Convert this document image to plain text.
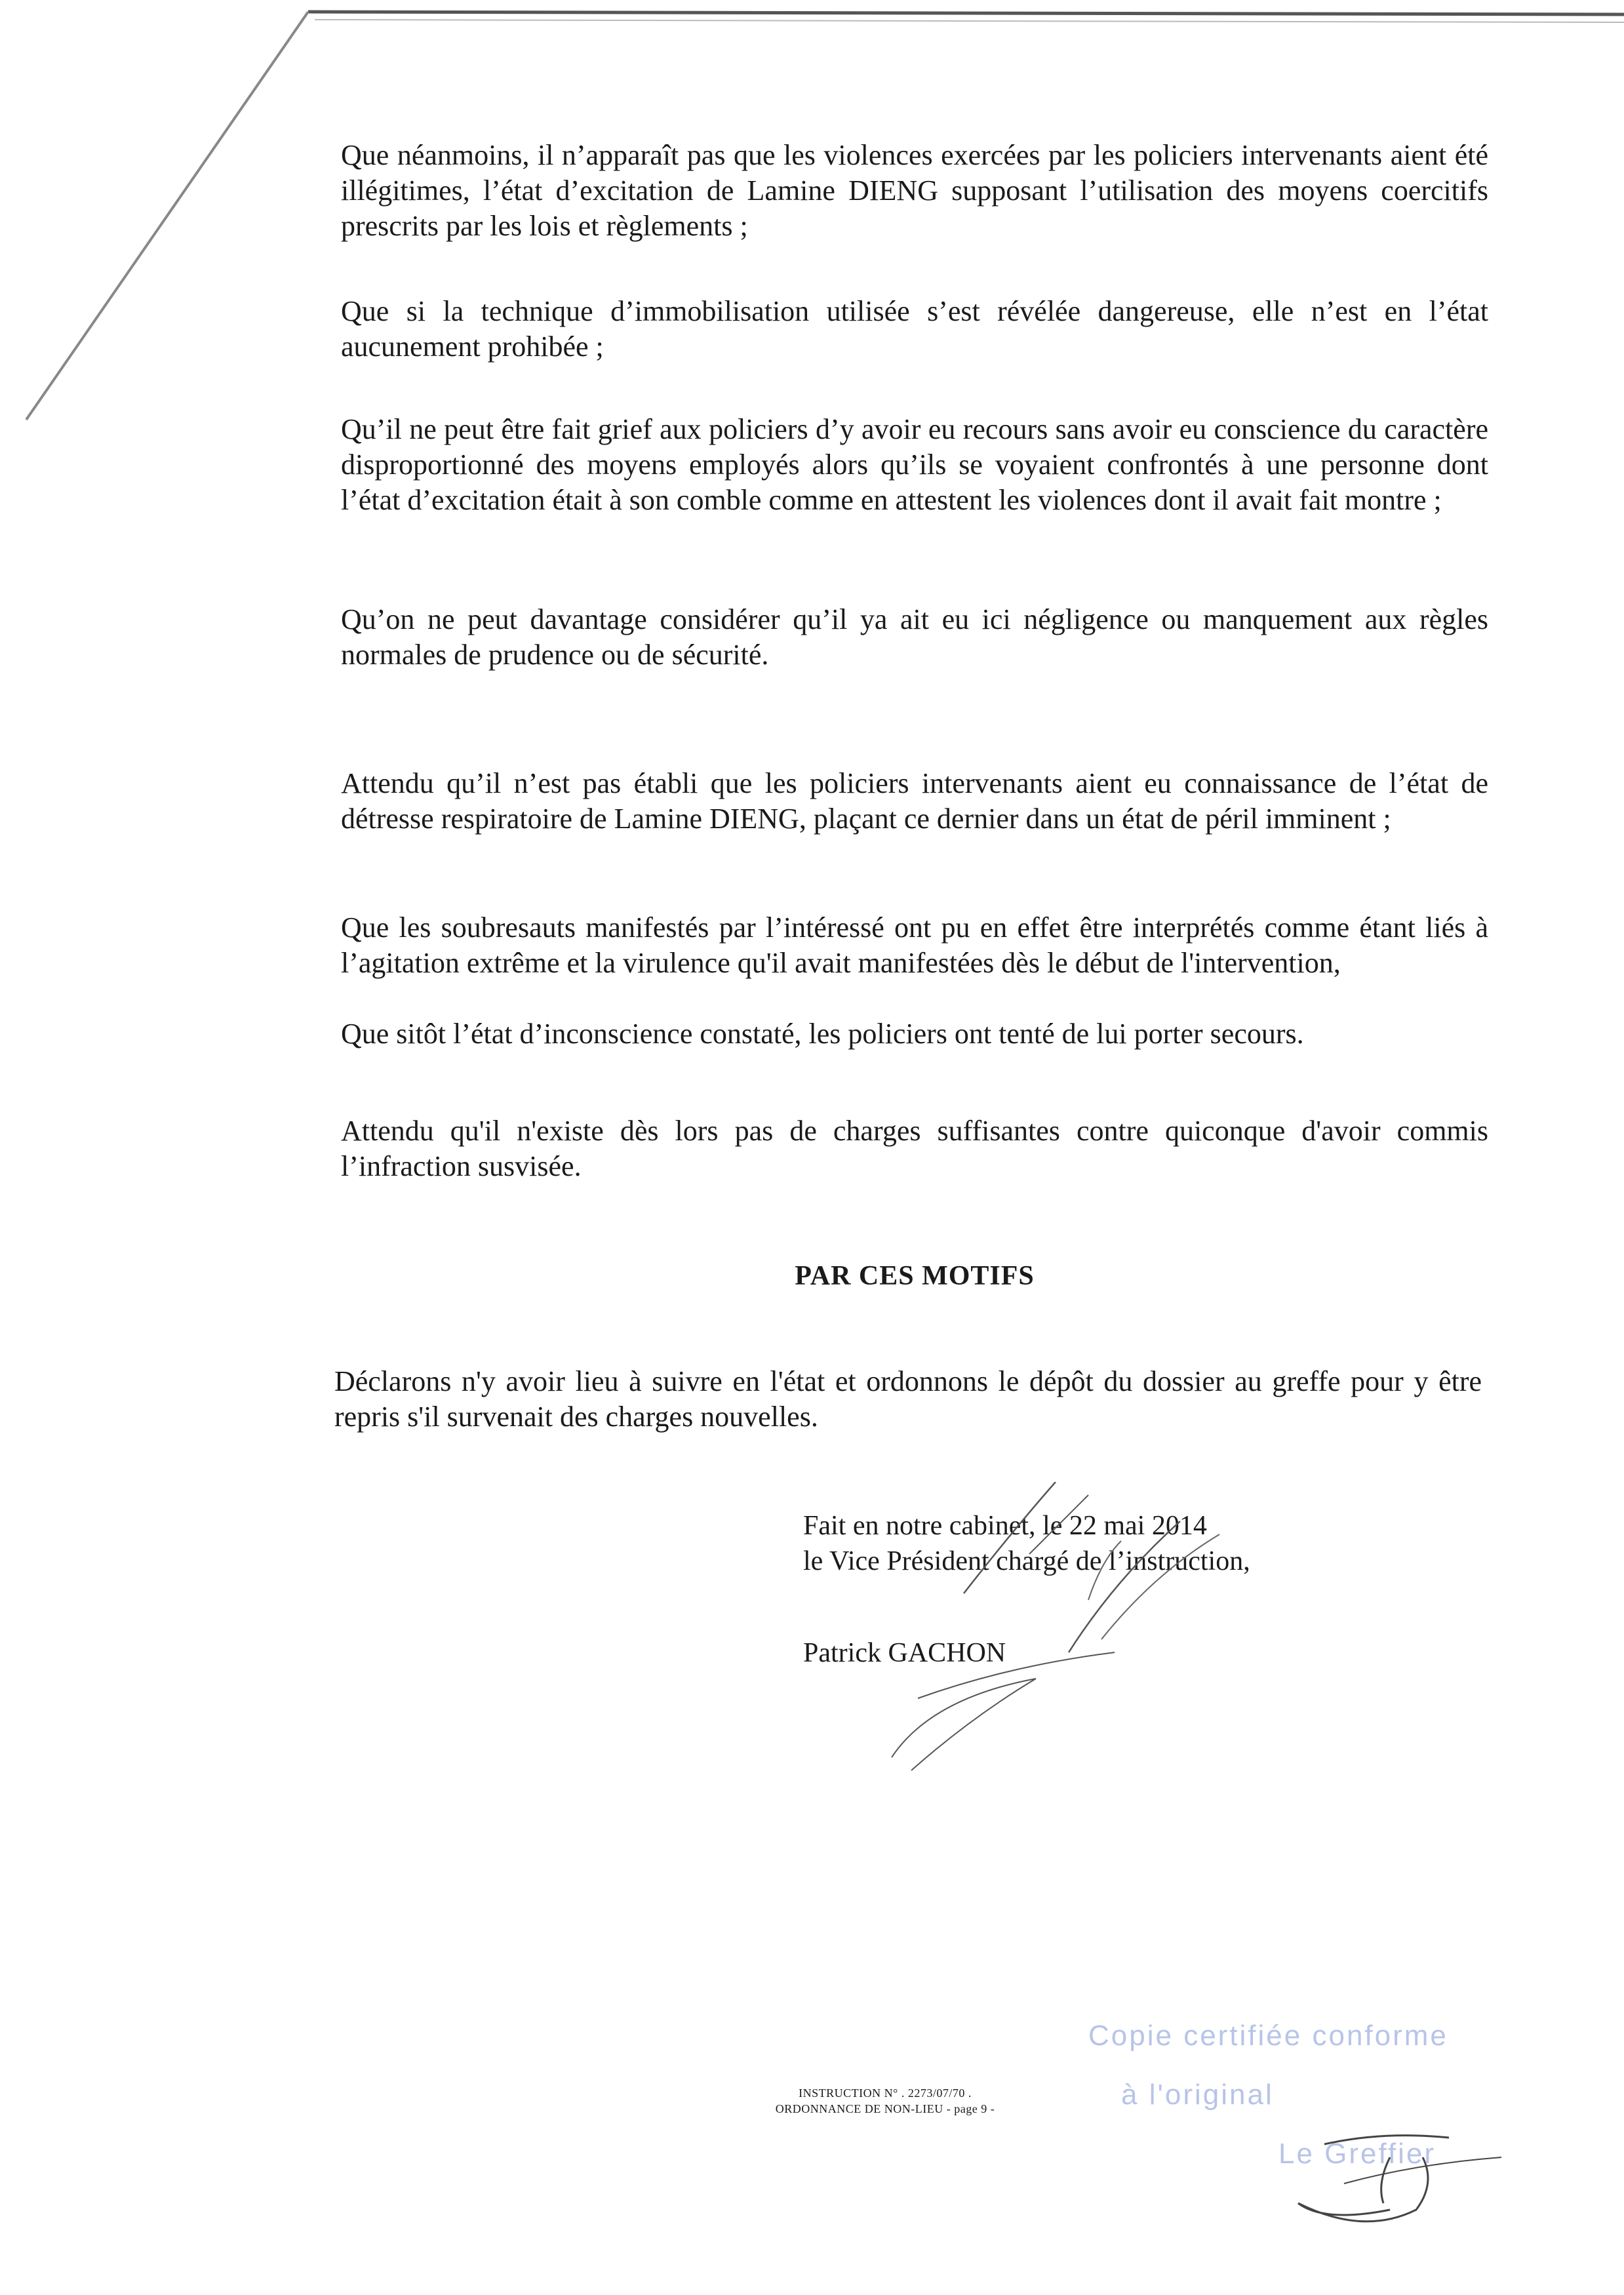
Que néanmoins, il n’apparaît pas que les violences exercées par les policiers intervenants aient été illégitimes, l’état d’excitation de Lamine DIENG supposant l’utilisation des moyens coercitifs prescrits par les lois et règlements ;

Que si la technique d’immobilisation utilisée s’est révélée dangereuse, elle n’est en l’état aucunement prohibée ;

Qu’il ne peut être fait grief aux policiers d’y avoir eu recours sans avoir eu conscience du caractère disproportionné des moyens employés alors qu’ils se voyaient confrontés à une personne dont l’état d’excitation était à son comble comme en attestent les violences dont il avait fait montre ;

Qu’on ne peut davantage considérer qu’il ya ait eu ici négligence ou manquement aux règles normales de prudence ou de sécurité.

Attendu qu’il n’est pas établi que les policiers intervenants aient eu connaissance de l’état de détresse respiratoire de Lamine DIENG, plaçant ce dernier dans un état de péril imminent ;

Que les soubresauts manifestés par l’intéressé ont pu en effet être interprétés comme étant liés à l’agitation extrême et la virulence qu'il avait manifestées dès le début de l'intervention,

Que sitôt l’état d’inconscience constaté, les policiers ont tenté de lui porter secours.

Attendu qu'il n'existe dès lors pas de charges suffisantes contre quiconque d'avoir commis l’infraction susvisée.

PAR CES MOTIFS

Déclarons n'y avoir lieu à suivre en l'état et ordonnons le dépôt du dossier au greffe pour y être repris s'il survenait des charges nouvelles.

Fait en notre cabinet, le 22 mai 2014
le Vice Président chargé de l’instruction,
Patrick GACHON
Copie certifiée conforme
à l'original
Le Greffier
INSTRUCTION N° . 2273/07/70 .
ORDONNANCE DE NON-LIEU - page 9 -
